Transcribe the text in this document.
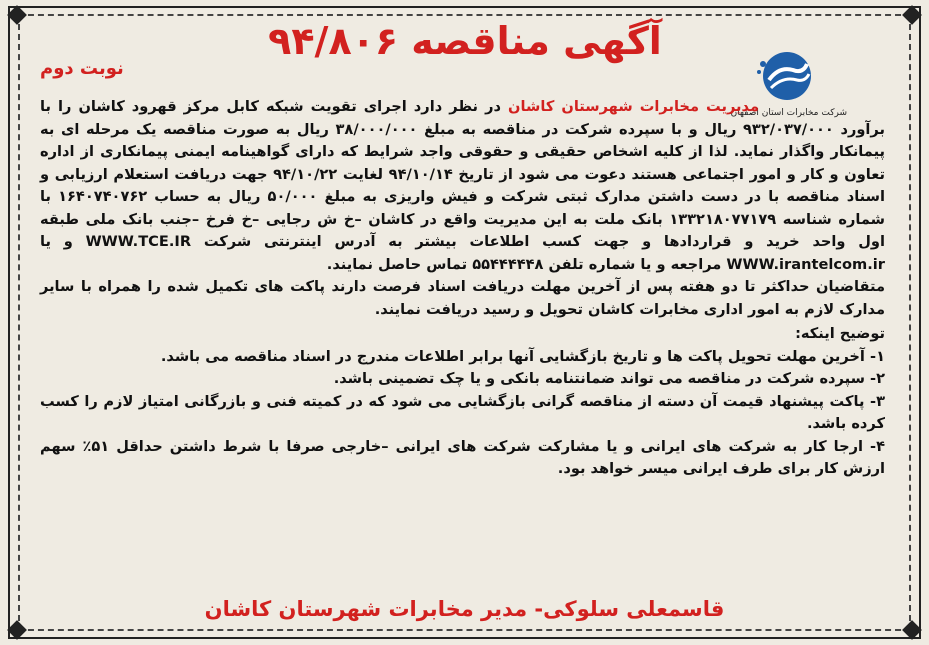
آگهی مناقصه ۹۴/۸۰۶
نوبت دوم
شرکت مخابرات استان اصفهان

مدیریت مخابرات شهرستان کاشان در نظر دارد اجرای تقویت شبکه کابل مرکز قهرود کاشان را با برآورد ۹۳۲/۰۳۷/۰۰۰ ریال و با سپرده شرکت در مناقصه به مبلغ ۳۸/۰۰۰/۰۰۰ ریال به صورت مناقصه یک مرحله ای به پیمانکار واگذار نماید. لذا از کلیه اشخاص حقیقی و حقوقی واجد شرایط که دارای گواهینامه ایمنی پیمانکاری از اداره تعاون و کار و امور اجتماعی هستند دعوت می شود از تاریخ ۹۴/۱۰/۱۴ لغایت ۹۴/۱۰/۲۲ جهت دریافت استعلام ارزیابی و اسناد مناقصه با در دست داشتن مدارک ثبتی شرکت و فیش واریزی به مبلغ ۵۰/۰۰۰ ریال به حساب ۱۶۴۰۷۴۰۷۶۲ با شماره شناسه ۱۳۳۲۱۸۰۷۷۱۷۹ بانک ملت به این مدیریت واقع در کاشان –خ ش رجایی –خ فرخ –جنب بانک ملی طبقه اول واحد خرید و قراردادها و جهت کسب اطلاعات بیشتر به آدرس اینترنتی شرکت WWW.TCE.IR و یا WWW.irantelcom.ir مراجعه و یا شماره تلفن ۵۵۴۴۴۴۴۸ تماس حاصل نمایند.

متقاضیان حداکثر تا دو هفته پس از آخرین مهلت دریافت اسناد فرصت دارند پاکت های تکمیل شده را همراه با سایر مدارک لازم به امور اداری مخابرات کاشان تحویل و رسید دریافت نمایند.

توضیح اینکه:

۱- آخرین مهلت تحویل پاکت ها و تاریخ بازگشایی آنها برابر اطلاعات مندرج در اسناد مناقصه می باشد.

۲- سپرده شرکت در مناقصه می تواند ضمانتنامه بانکی و یا چک تضمینی باشد.

۳- پاکت پیشنهاد قیمت آن دسته از مناقصه گرانی بازگشایی می شود که در کمیته فنی و بازرگانی امتیاز لازم را کسب کرده باشد.

۴- ارجا کار به شرکت های ایرانی و یا مشارکت شرکت های ایرانی –خارجی صرفا با شرط داشتن حداقل ۵۱٪ سهم ارزش کار برای طرف ایرانی میسر خواهد بود.

قاسمعلی سلوکی- مدیر مخابرات شهرستان کاشان
